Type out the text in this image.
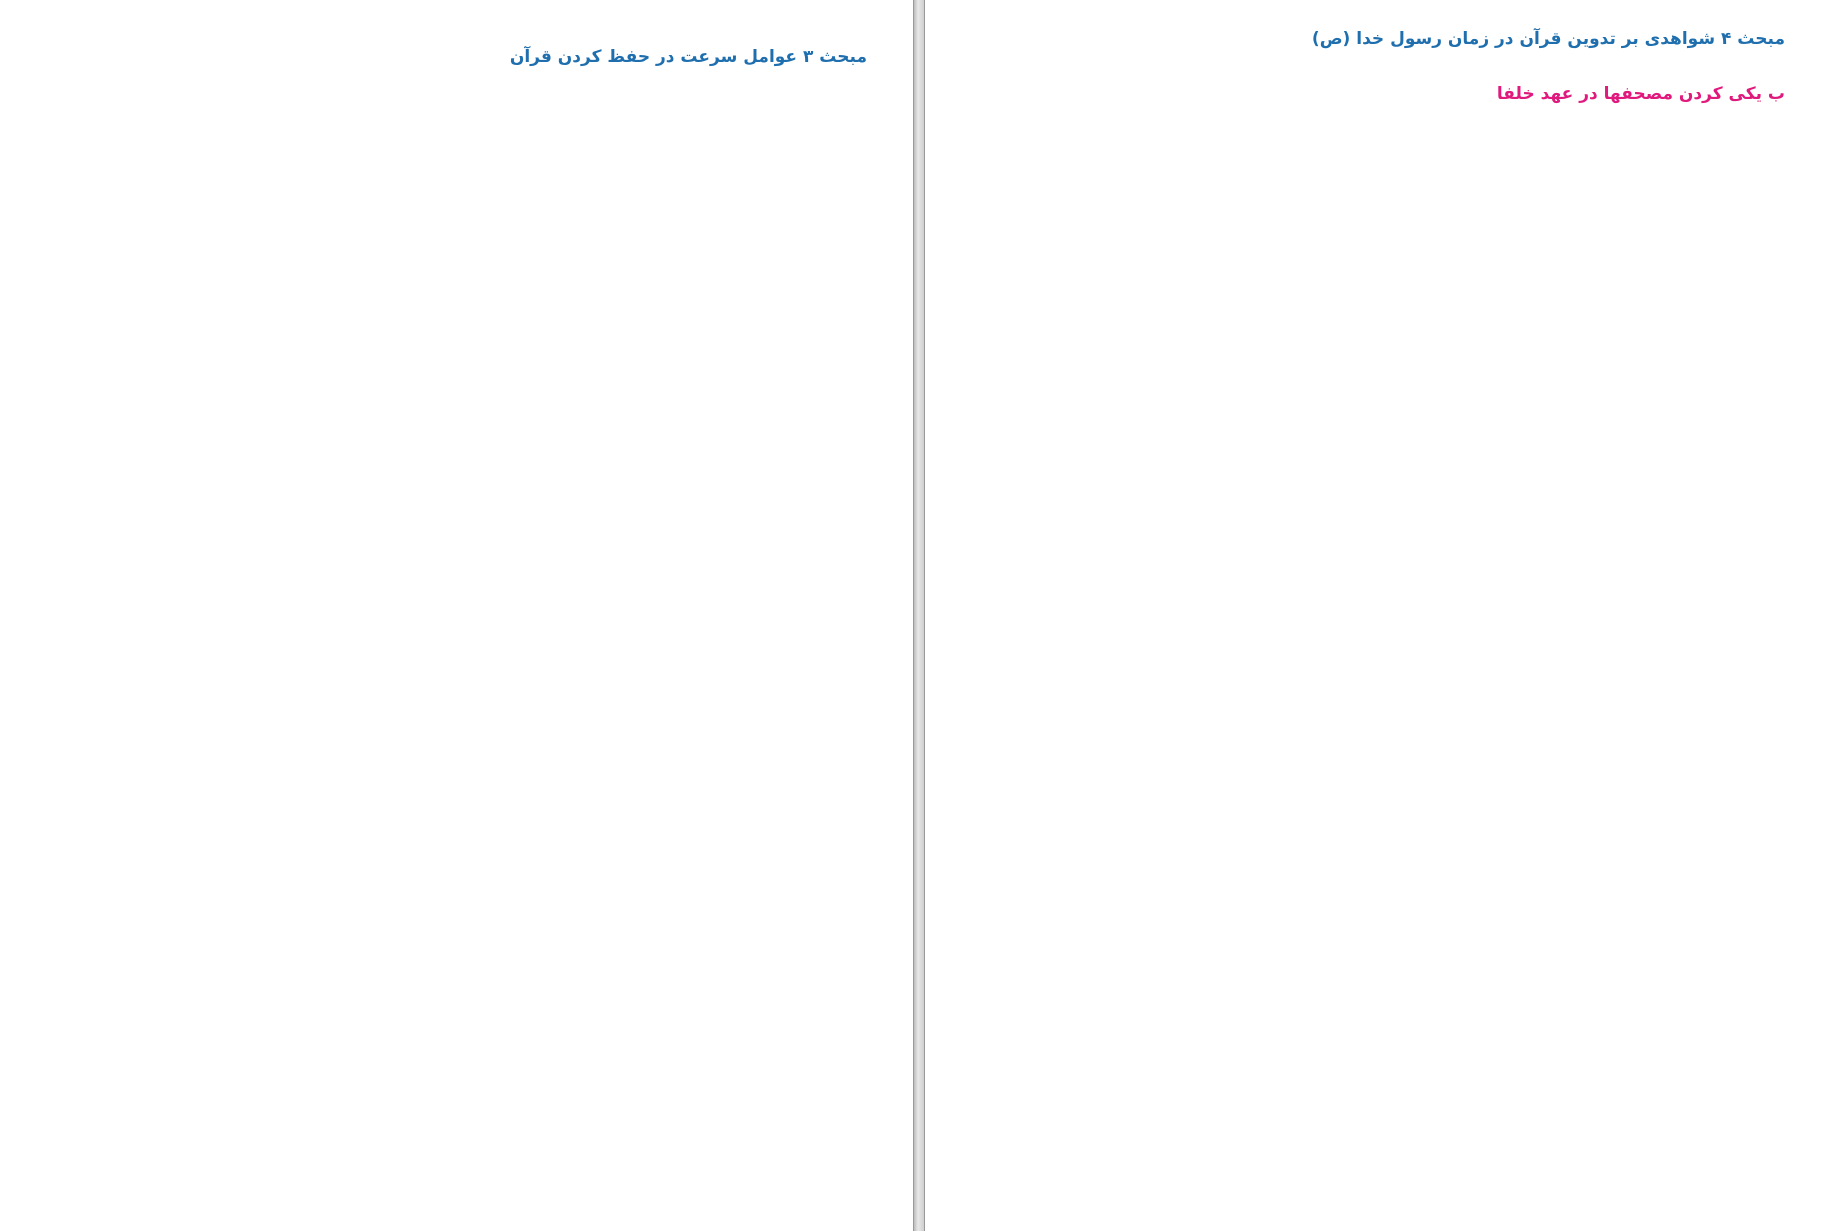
مبحث ۳ عوامل سرعت در حفظ کردن قرآن

مبحث ۴ شواهدی بر تدوین قرآن در زمان رسول خدا (ص)

ب یکی کردن مصحفها در عهد خلفا
